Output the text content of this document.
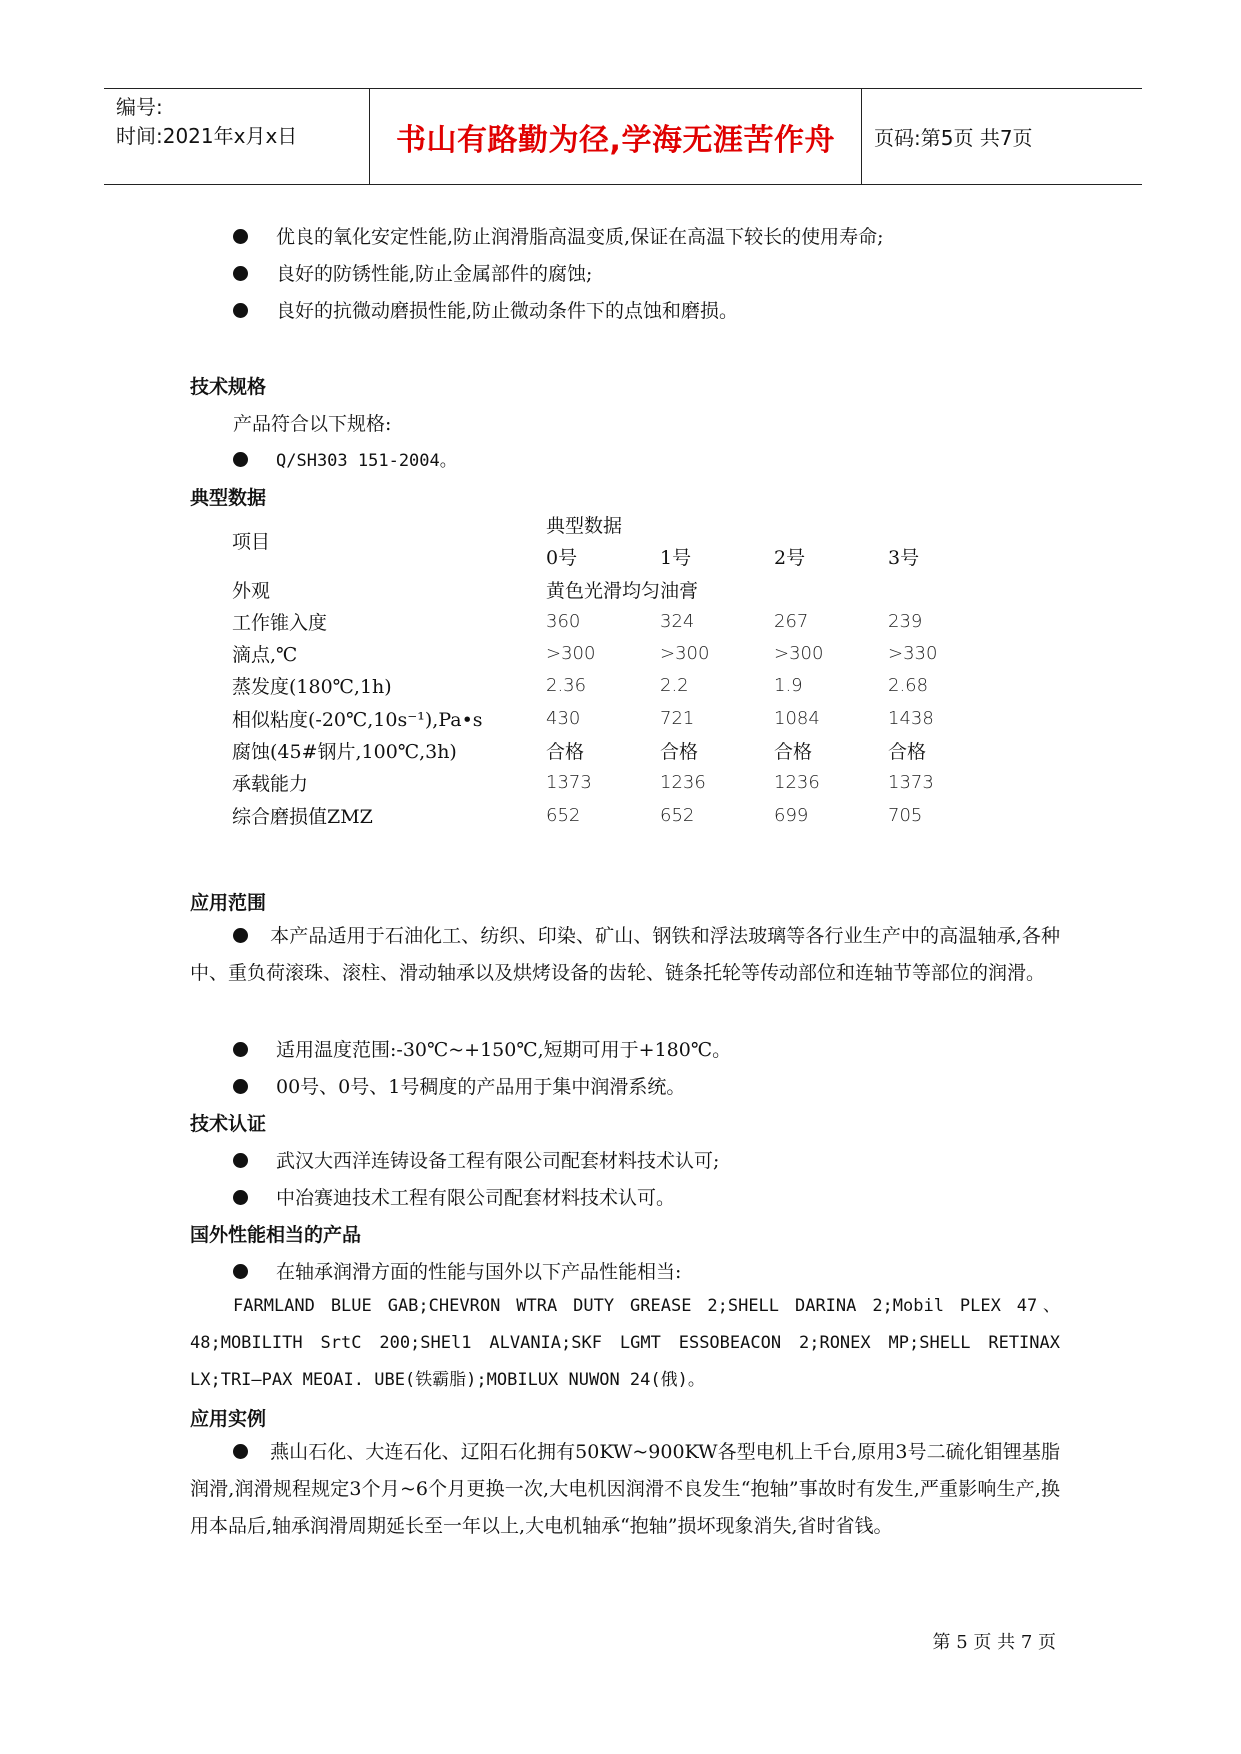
编号:
时间:2021年x月x日	书山有路勤为径,学海无涯苦作舟	页码:第5页 共7页
优良的氧化安定性能,防止润滑脂高温变质,保证在高温下较长的使用寿命;
良好的防锈性能,防止金属部件的腐蚀;
良好的抗微动磨损性能,防止微动条件下的点蚀和磨损。
技术规格
产品符合以下规格:
Q/SH303 151-2004。
典型数据
应用范围
本产品适用于石油化工、纺织、印染、矿山、钢铁和浮法玻璃等各行业生产中的高温轴承,各种中、重负荷滚珠、滚柱、滑动轴承以及烘烤设备的齿轮、链条托轮等传动部位和连轴节等部位的润滑。
适用温度范围:-30℃~+150℃,短期可用于+180℃。
00号、0号、1号稠度的产品用于集中润滑系统。
技术认证
武汉大西洋连铸设备工程有限公司配套材料技术认可;
中冶赛迪技术工程有限公司配套材料技术认可。
国外性能相当的产品
在轴承润滑方面的性能与国外以下产品性能相当:
FARMLAND BLUE GAB;CHEVRON WTRA DUTY GREASE 2;SHELL DARINA 2;Mobil PLEX 47、48;MOBILITH SrtC 200;SHEl1 ALVANIA;SKF LGMT ESSOBEACON 2;RONEX MP;SHELL RETINAX LX;TRI—PAX MEOAI. UBE(铁霸脂);MOBILUX NUWON 24(俄)。
应用实例
燕山石化、大连石化、辽阳石化拥有50KW~900KW各型电机上千台,原用3号二硫化钼锂基脂润滑,润滑规程规定3个月~6个月更换一次,大电机因润滑不良发生“抱轴”事故时有发生,严重影响生产,换用本品后,轴承润滑周期延长至一年以上,大电机轴承“抱轴”损坏现象消失,省时省钱。
项目
典型数据
0号	1号	2号	3号
外观	黄色光滑均匀油膏
工作锥入度	360	324	267	239
滴点,℃	>300	>300	>300	>330
蒸发度(180℃,1h)	2.36	2.2	1.9	2.68
相似粘度(-20℃,10s⁻¹),Pa•s	430	721	1084	1438
腐蚀(45#钢片,100℃,3h)	合格	合格	合格	合格
承载能力	1373	1236	1236	1373
综合磨损值ZMZ	652	652	699	705
第 5 页 共 7 页
